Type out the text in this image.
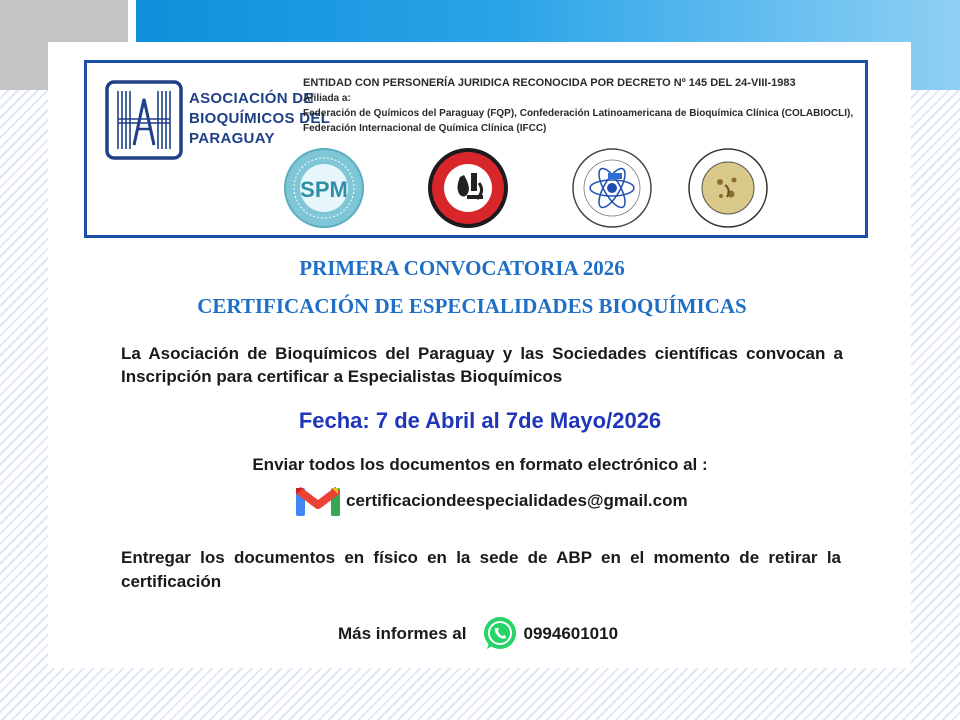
ASOCIACIÓN DE
BIOQUÍMICOS DEL
PARAGUAY
ENTIDAD CON PERSONERÍA JURIDICA RECONOCIDA POR DECRETO Nº 145 DEL 24-VIII-1983
Afiliada a:
Federación de Químicos del Paraguay (FQP), Confederación Latinoamericana de Bioquímica Clínica (COLABIOCLI), Federación Internacional de Química Clínica (IFCC)
SPM
PRIMERA CONVOCATORIA 2026
CERTIFICACIÓN DE ESPECIALIDADES BIOQUÍMICAS
La Asociación de Bioquímicos del Paraguay y las Sociedades científicas convocan a Inscripción para certificar a Especialistas Bioquímicos
Fecha: 7 de Abril al 7de Mayo/2026
Enviar todos los documentos en formato electrónico al :
certificaciondeespecialidades@gmail.com
Entregar los documentos en físico en la sede de ABP en el momento de retirar la certificación
Más informes al	0994601010
